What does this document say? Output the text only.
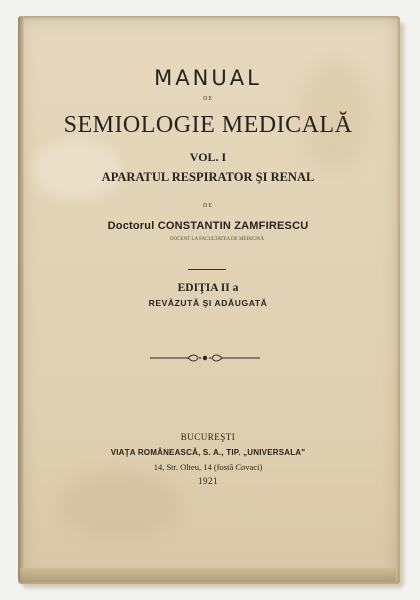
MANUAL
DE
SEMIOLOGIE MEDICALĂ
VOL. I
APARATUL RESPIRATOR ŞI RENAL
DE
Doctorul CONSTANTIN ZAMFIRESCU
DOCENT LA FACULTATEA DE MEDICINĂ
EDIŢIA II a
REVĂZUTĂ ŞI ADĂUGATĂ
BUCUREŞTI
VIAŢA ROMÂNEASCĂ, S. A., TIP. „UNIVERSALA"
14, Str. Olteu, 14 (fostă Covaci)
1921
